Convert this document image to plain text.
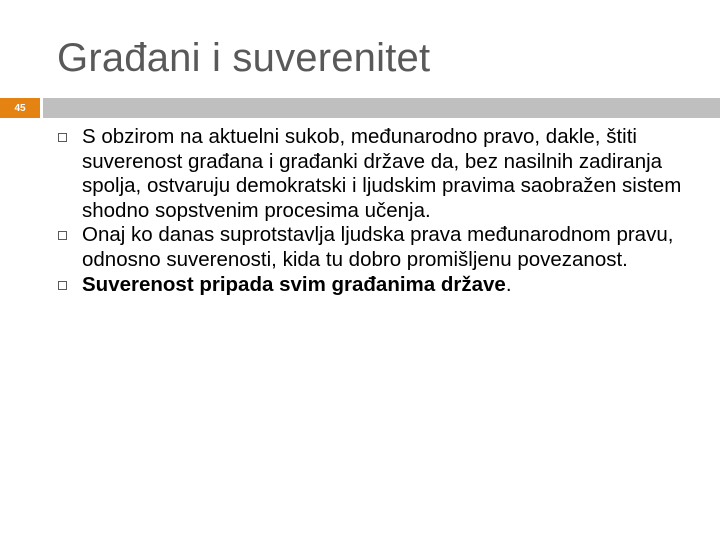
Građani i suverenitet
45
S obzirom na aktuelni sukob, međunarodno pravo, dakle, štiti suverenost građana i građanki države da, bez nasilnih zadiranja spolja, ostvaruju demokratski i ljudskim pravima saobražen sistem shodno sopstvenim procesima učenja.
Onaj ko danas suprotstavlja ljudska prava međunarodnom pravu, odnosno suverenosti, kida tu dobro promišljenu povezanost.
Suverenost pripada svim građanima države.
